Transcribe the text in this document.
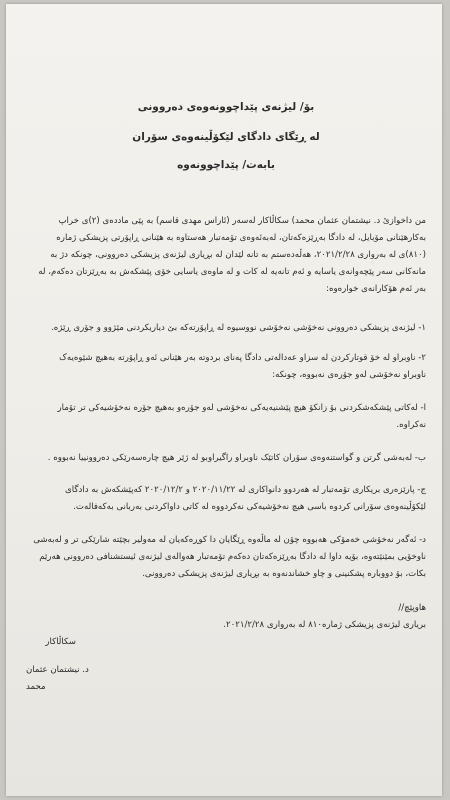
بۆ/ لیژنەی پێداچوونەوەی دەروونی
لە ڕێگای دادگای لێکۆڵینەوەی سۆران
بابەت/ پێداچوونەوە
من داخوازێ د. نیشتمان عثمان محمد) سکاڵاکار لەسەر (ئاراس مهدی قاسم) بە پێی ماددەی (۲)ی خراپ
بەکارهێنانی مۆبایل، لە دادگا بەڕێزەکەتان، لەبەئەوەی تۆمەتبار هەستاوە بە هێنانی ڕاپۆرتی پزیشکی ژمارە
(۸۱۰)ی لە بەرواری ۲۰۲۱/۲/۲۸، هەڵەدەستم بە تانە لێدان لە بڕیاری لیژنەی پزیشکی دەروونی، چونکە دژ بە
مانەکانی سەر پێچەوانەی یاسایە و ئەم تانەیە لە کات و لە ماوەی یاسایی خۆی پێشکەش بە بەڕێزتان دەکەم، لە
بەر ئەم هۆکارانەی خوارەوە:
١- لیژنەی پزیشکی دەروونی نەخۆشی نەخۆشی نووسیوە لە ڕاپۆرتەکە بێ دیاریکردنی مێژوو و جۆری ڕێژە.
٢- ناوبراو لە خۆ قوتارکردن لە سزاو عەدالەتی دادگا پەنای بردوتە بەر هێنانی ئەو ڕاپۆرتە بەهیچ شێوەیەک
ناوبراو نەخۆشی لەو جۆرەی نەبووە، چونکە:
ا- لەکاتی پێشکەشکردنی بۆ زانکۆ هیچ پێشنیەیەکی نەخۆشی لەو جۆرەو بەهیچ جۆرە نەخۆشیەکی تر تۆمار
نەکراوە.
ب- لەبەشی گرتن و گواستنەوەی سۆران کاتێک ناوبراو راگیراوبو لە ژێر هیچ چارەسەرێکی دەروونییا نەبووە .
ج- پارێزەری بریکاری تۆمەتبار لە هەردوو دانواکاری لە ۲۰۲۰/۱۱/۲۲ و ۲۰۲۰/۱۲/۲ کەپێشکەش بە دادگای
لێکۆڵینەوەی سۆرانی کردوە باسی هیچ نەخۆشیەکی نەکردووە لە کاتی داواکردنی بەربانی بەکەفالەت.
د- ئەگەر نەخۆشی خەمۆکی هەبووە چۆن لە ماڵەوە ڕێگایان دا کوڕەکەیان لە مەولیر بچێتە شارێکی تر و لەبەشی
ناوخۆیی بمێنێتەوە، بۆیە داوا لە دادگا بەڕێزەکەتان دەکەم تۆمەتبار هەوالەی لیژنەی ئیستشنافی دەروونی هەرێم
بکات، بۆ دووبارە پشکنینی و چاو خشاندنەوە بە بڕیاری لیژنەی پزیشکی دەروونی.
هاوپێچ//
بریاری لیژنەی پزیشکی ژمارە۸۱۰ لە بەرواری ۲۰۲۱/۲/۲۸.
سکاڵاکار
د. نیشتمان عثمان محمد
